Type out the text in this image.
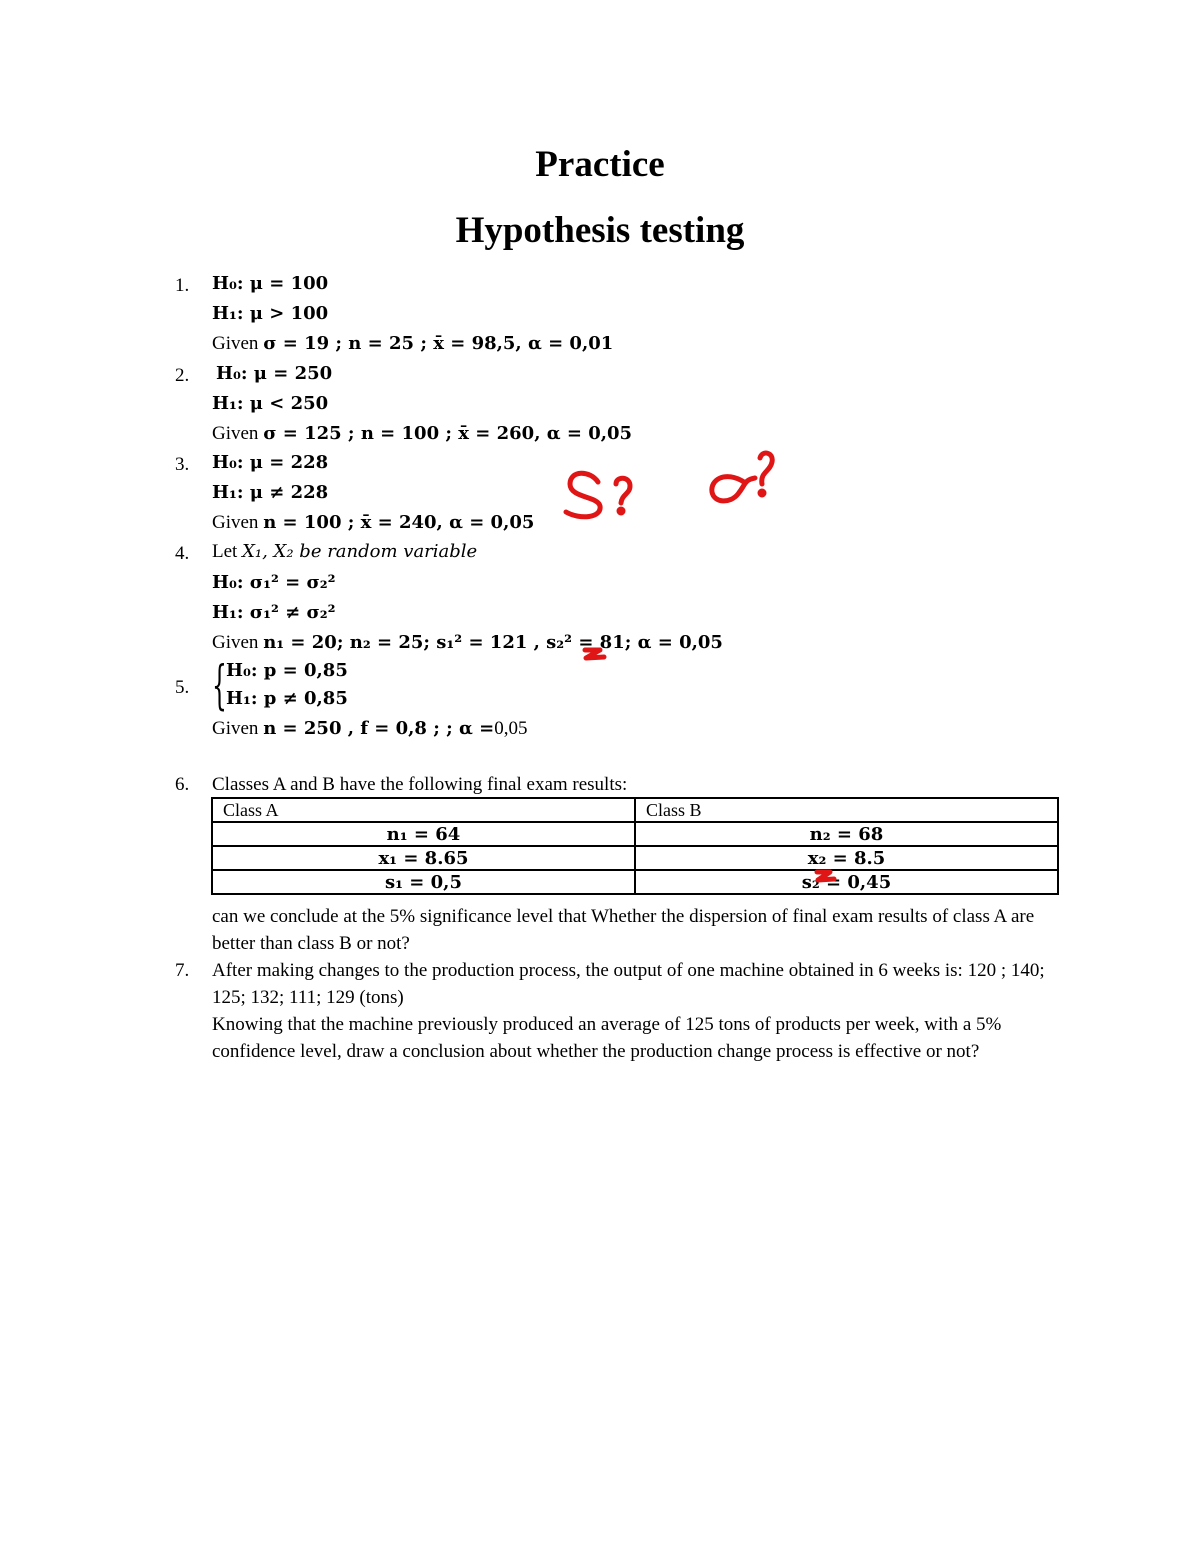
Practice
Hypothesis testing
1. H₀: μ = 100
H₁: μ > 100
Given σ = 19 ; n = 25 ; x̄ = 98,5, α = 0,01
2. H₀: μ = 250
H₁: μ < 250
Given σ = 125 ; n = 100 ; x̄ = 260, α = 0,05
3. H₀: μ = 228
H₁: μ ≠ 228
Given n = 100 ; x̄ = 240, α = 0,05
4. Let X₁, X₂ be random variable
H₀: σ₁² = σ₂²
H₁: σ₁² ≠ σ₂²
Given n₁ = 20; n₂ = 25; s₁² = 121 , s₂² = 81; α = 0,05
5. { H₀: p = 0,85
H₁: p ≠ 0,85
Given n = 250 , f = 0,8 ; ; α =0,05
6. Classes A and B have the following final exam results:
Class A	Class B
n₁ = 64	n₂ = 68
x₁ = 8.65	x₂ = 8.5
s₁ = 0,5	s₂ = 0,45
can we conclude at the 5% significance level that Whether the dispersion of final exam results of class A are better than class B or not?
7. After making changes to the production process, the output of one machine obtained in 6 weeks is: 120 ; 140; 125; 132; 111; 129 (tons)
Knowing that the machine previously produced an average of 125 tons of products per week, with a 5% confidence level, draw a conclusion about whether the production change process is effective or not?
